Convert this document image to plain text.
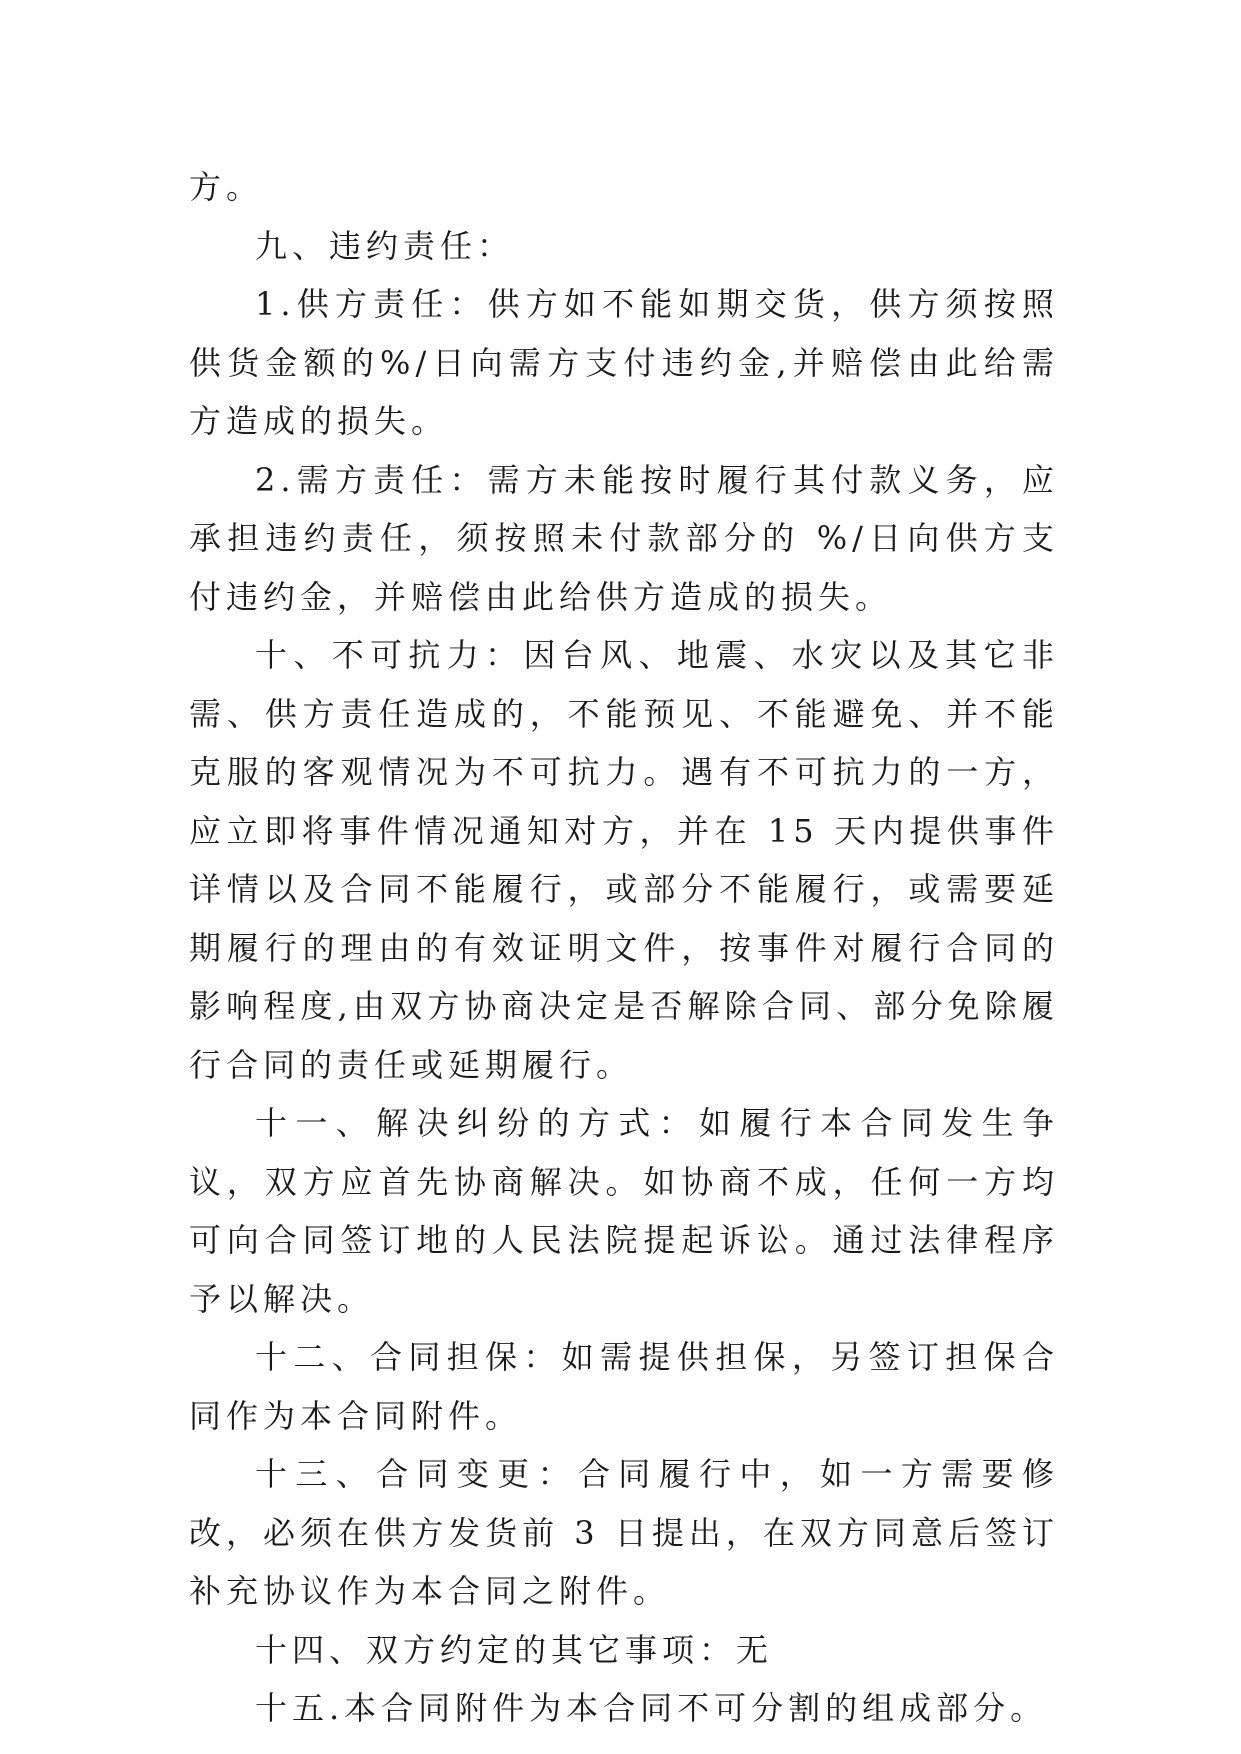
方。

九、违约责任：

1.供方责任：供方如不能如期交货，供方须按照供货金额的%/日向需方支付违约金,并赔偿由此给需方造成的损失。

2.需方责任：需方未能按时履行其付款义务，应承担违约责任，须按照未付款部分的 %/日向供方支付违约金，并赔偿由此给供方造成的损失。

十、不可抗力：因台风、地震、水灾以及其它非需、供方责任造成的，不能预见、不能避免、并不能克服的客观情况为不可抗力。遇有不可抗力的一方，应立即将事件情况通知对方，并在 15 天内提供事件详情以及合同不能履行，或部分不能履行，或需要延期履行的理由的有效证明文件，按事件对履行合同的影响程度,由双方协商决定是否解除合同、部分免除履行合同的责任或延期履行。

十一、解决纠纷的方式：如履行本合同发生争议，双方应首先协商解决。如协商不成，任何一方均可向合同签订地的人民法院提起诉讼。通过法律程序予以解决。

十二、合同担保：如需提供担保，另签订担保合同作为本合同附件。

十三、合同变更：合同履行中，如一方需要修改，必须在供方发货前 3 日提出，在双方同意后签订补充协议作为本合同之附件。

十四、双方约定的其它事项：无

十五.本合同附件为本合同不可分割的组成部分。
